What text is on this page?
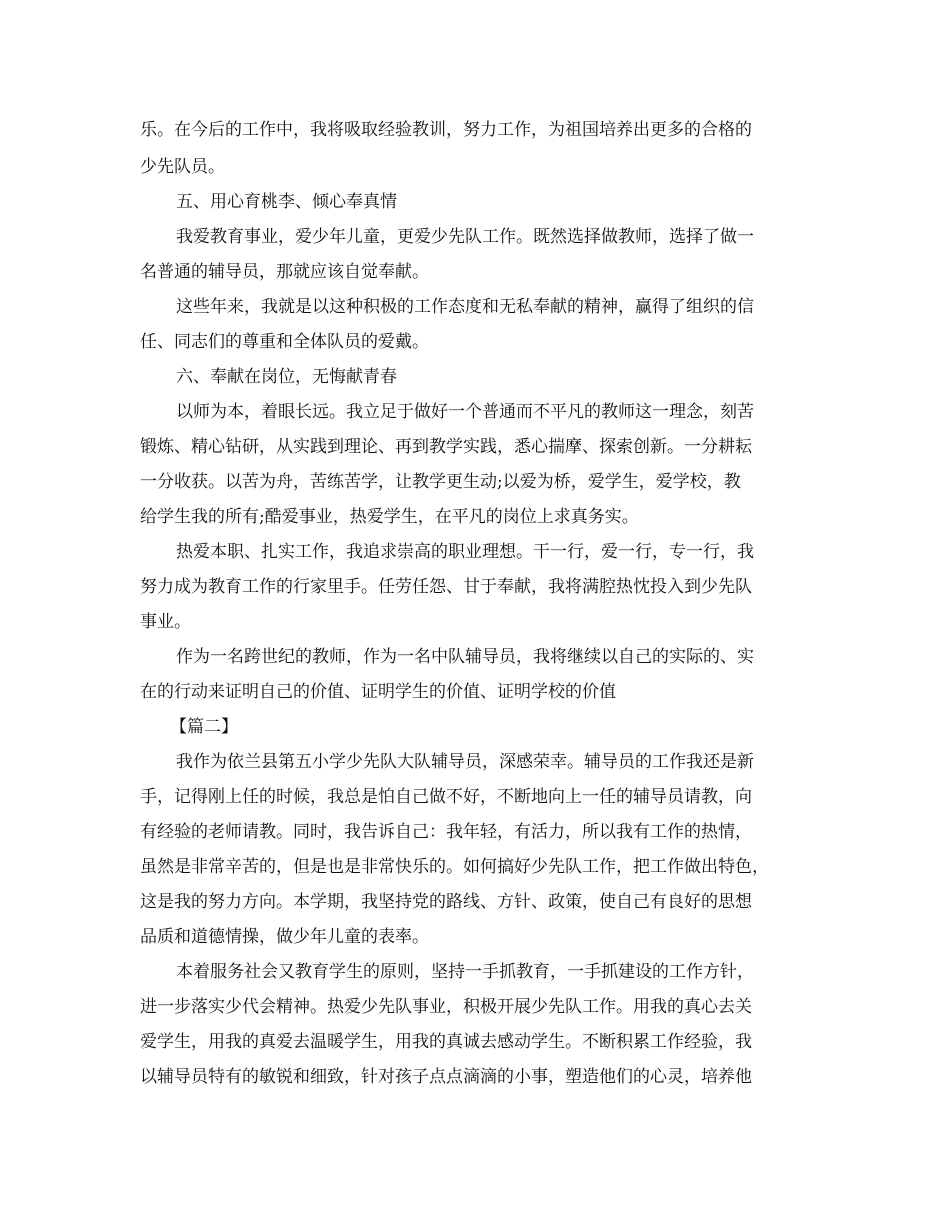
乐。在今后的工作中，我将吸取经验教训，努力工作，为祖国培养出更多的合格的

少先队员。

五、用心育桃李、倾心奉真情

我爱教育事业，爱少年儿童，更爱少先队工作。既然选择做教师，选择了做一

名普通的辅导员，那就应该自觉奉献。

这些年来，我就是以这种积极的工作态度和无私奉献的精神，赢得了组织的信

任、同志们的尊重和全体队员的爱戴。

六、奉献在岗位，无悔献青春

以师为本，着眼长远。我立足于做好一个普通而不平凡的教师这一理念，刻苦

锻炼、精心钻研，从实践到理论、再到教学实践，悉心揣摩、探索创新。一分耕耘

一分收获。以苦为舟，苦练苦学，让教学更生动;以爱为桥，爱学生，爱学校，教

给学生我的所有;酷爱事业，热爱学生，在平凡的岗位上求真务实。

热爱本职、扎实工作，我追求崇高的职业理想。干一行，爱一行，专一行，我

努力成为教育工作的行家里手。任劳任怨、甘于奉献，我将满腔热忱投入到少先队

事业。

作为一名跨世纪的教师，作为一名中队辅导员，我将继续以自己的实际的、实

在的行动来证明自己的价值、证明学生的价值、证明学校的价值

【篇二】

我作为依兰县第五小学少先队大队辅导员，深感荣幸。辅导员的工作我还是新

手，记得刚上任的时候，我总是怕自己做不好，不断地向上一任的辅导员请教，向

有经验的老师请教。同时，我告诉自己：我年轻，有活力，所以我有工作的热情，

虽然是非常辛苦的，但是也是非常快乐的。如何搞好少先队工作，把工作做出特色，

这是我的努力方向。本学期，我坚持党的路线、方针、政策，使自己有良好的思想

品质和道德情操，做少年儿童的表率。

本着服务社会又教育学生的原则，坚持一手抓教育，一手抓建设的工作方针，

进一步落实少代会精神。热爱少先队事业，积极开展少先队工作。用我的真心去关

爱学生，用我的真爱去温暖学生，用我的真诚去感动学生。不断积累工作经验，我

以辅导员特有的敏锐和细致，针对孩子点点滴滴的小事，塑造他们的心灵，培养他
